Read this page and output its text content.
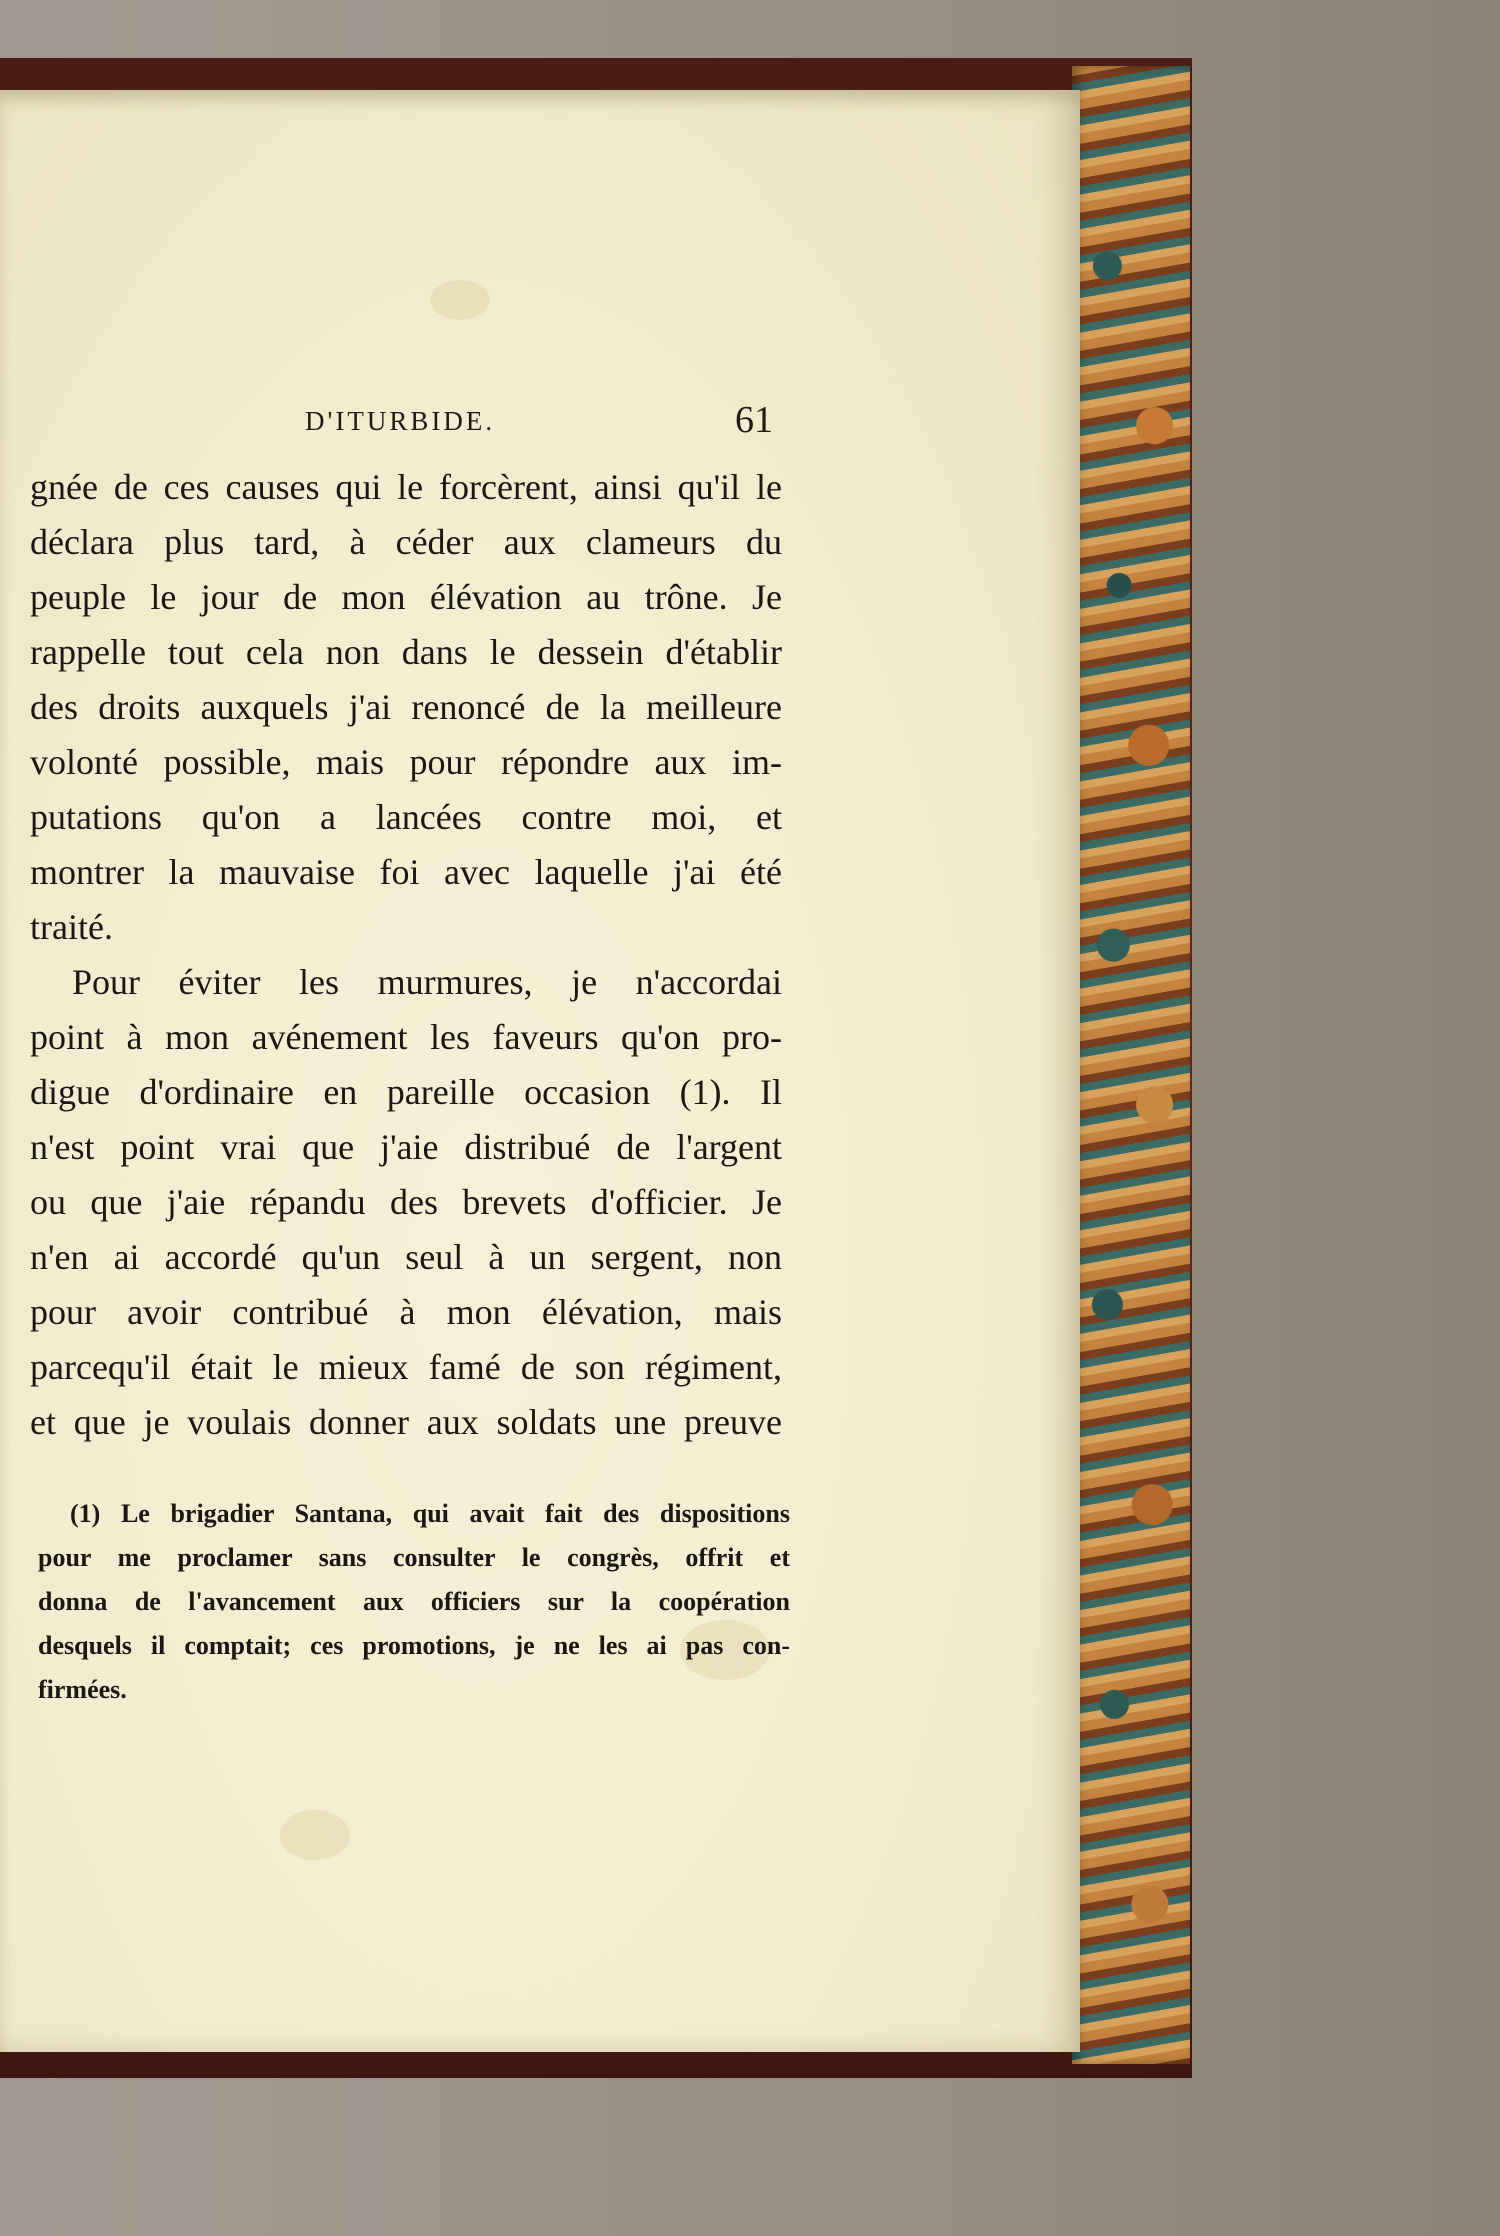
D'ITURBIDE.	61
gnée de ces causes qui le forcèrent, ainsi qu'il le
déclara plus tard, à céder aux clameurs du
peuple le jour de mon élévation au trône. Je
rappelle tout cela non dans le dessein d'établir
des droits auxquels j'ai renoncé de la meilleure
volonté possible, mais pour répondre aux im-
putations qu'on a lancées contre moi, et
montrer la mauvaise foi avec laquelle j'ai été
traité.
Pour éviter les murmures, je n'accordai
point à mon avénement les faveurs qu'on pro-
digue d'ordinaire en pareille occasion (1). Il
n'est point vrai que j'aie distribué de l'argent
ou que j'aie répandu des brevets d'officier. Je
n'en ai accordé qu'un seul à un sergent, non
pour avoir contribué à mon élévation, mais
parcequ'il était le mieux famé de son régiment,
et que je voulais donner aux soldats une preuve
(1) Le brigadier Santana, qui avait fait des dispositions
pour me proclamer sans consulter le congrès, offrit et
donna de l'avancement aux officiers sur la coopération
desquels il comptait; ces promotions, je ne les ai pas con-
firmées.
